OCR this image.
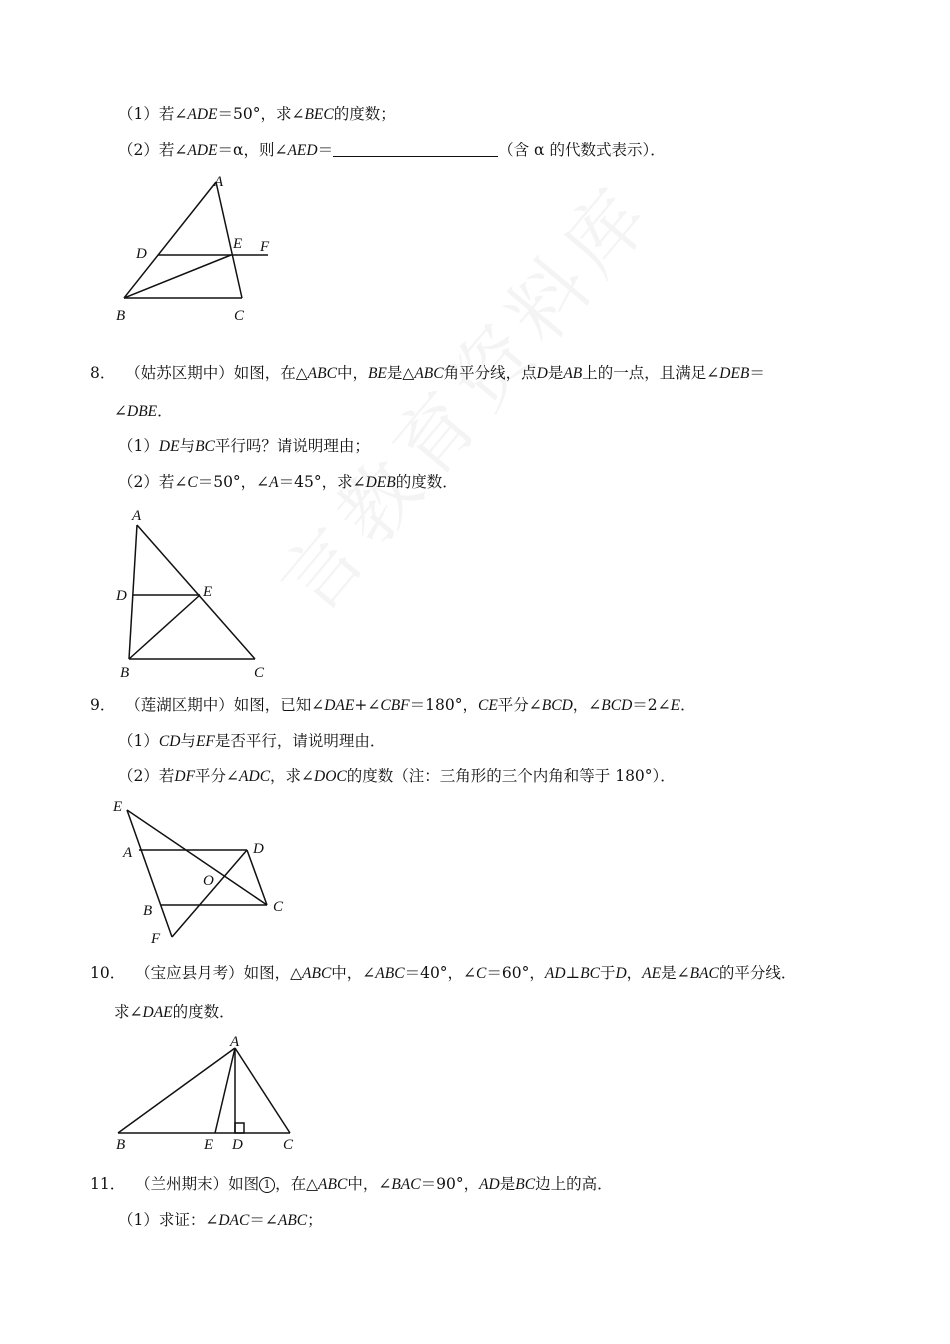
（1）若∠ADE＝50°，求∠BEC的度数；
（2）若∠ADE＝α，则∠AED＝	（含 α 的代数式表示）．
A
D
E F
B	C
8． （姑苏区期中）如图，在△ABC中，BE是△ABC角平分线，点D是AB上的一点，且满足∠DEB＝
∠DBE．
（1）DE与BC平行吗？请说明理由；
（2）若∠C＝50°，∠A＝45°，求∠DEB的度数．
A
D	E
B	C
9． （莲湖区期中）如图，已知∠DAE+∠CBF＝180°，CE平分∠BCD，∠BCD＝2∠E．
（1）CD与EF是否平行，请说明理由．
（2）若DF平分∠ADC，求∠DOC的度数（注：三角形的三个内角和等于 180°）．
E
A	D
O
B	C
F
10． （宝应县月考）如图，△ABC中，∠ABC＝40°，∠C＝60°，AD⊥BC于D，AE是∠BAC的平分线．
求∠DAE的度数．
A
B	E D	C
11． （兰州期末）如图 1 ，在△ABC中，∠BAC＝90°，AD是BC边上的高．
（1）求证：∠DAC＝∠ABC；
